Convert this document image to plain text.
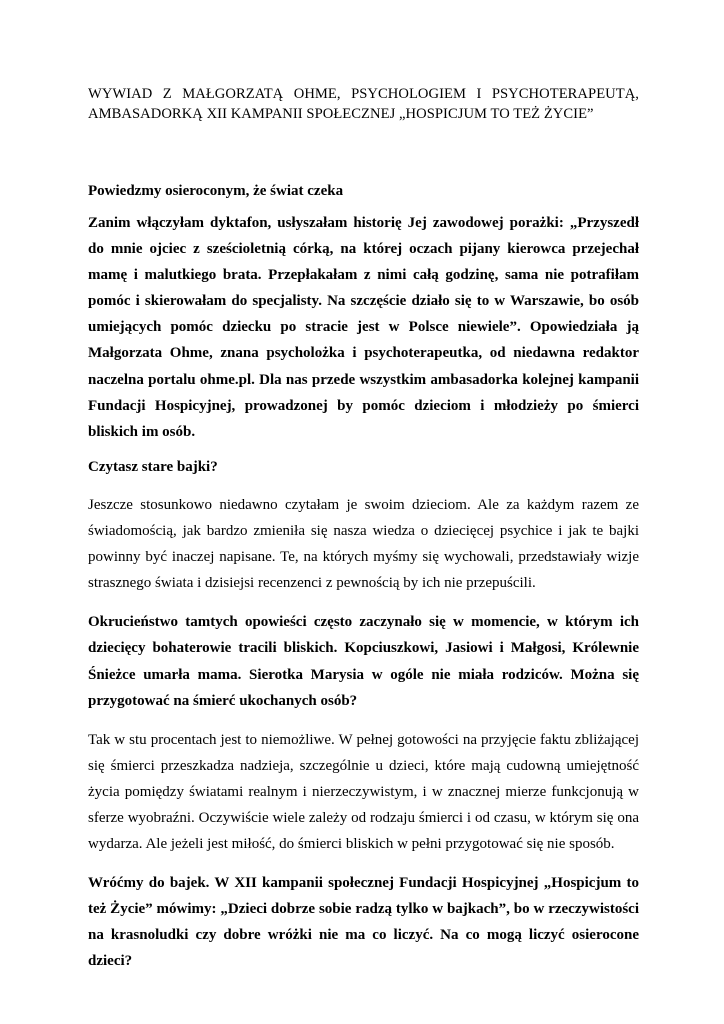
WYWIAD Z MAŁGORZATĄ OHME, PSYCHOLOGIEM I PSYCHOTERAPEUTĄ, AMBASADORKĄ XII KAMPANII SPOŁECZNEJ „HOSPICJUM TO TEŻ ŻYCIE”

Powiedzmy osieroconym, że świat czeka

Zanim włączyłam dyktafon, usłyszałam historię Jej zawodowej porażki: „Przyszedł do mnie ojciec z sześcioletnią córką, na której oczach pijany kierowca przejechał mamę i malutkiego brata. Przepłakałam z nimi całą godzinę, sama nie potrafiłam pomóc i skierowałam do specjalisty. Na szczęście działo się to w Warszawie, bo osób umiejących pomóc dziecku po stracie jest w Polsce niewiele”. Opowiedziała ją Małgorzata Ohme, znana psycholożka i psychoterapeutka, od niedawna redaktor naczelna portalu ohme.pl. Dla nas przede wszystkim ambasadorka kolejnej kampanii Fundacji Hospicyjnej, prowadzonej by pomóc dzieciom i młodzieży po śmierci bliskich im osób.

Czytasz stare bajki?

Jeszcze stosunkowo niedawno czytałam je swoim dzieciom. Ale za każdym razem ze świadomością, jak bardzo zmieniła się nasza wiedza o dziecięcej psychice i jak te bajki powinny być inaczej napisane. Te, na których myśmy się wychowali, przedstawiały wizje strasznego świata i dzisiejsi recenzenci z pewnością by ich nie przepuścili.

Okrucieństwo tamtych opowieści często zaczynało się w momencie, w którym ich dziecięcy bohaterowie tracili bliskich. Kopciuszkowi, Jasiowi i Małgosi, Królewnie Śnieżce umarła mama. Sierotka Marysia w ogóle nie miała rodziców. Można się przygotować na śmierć ukochanych osób?

Tak w stu procentach jest to niemożliwe. W pełnej gotowości na przyjęcie faktu zbliżającej się śmierci przeszkadza nadzieja, szczególnie u dzieci, które mają cudowną umiejętność życia pomiędzy światami realnym i nierzeczywistym, i w znacznej mierze funkcjonują w sferze wyobraźni. Oczywiście wiele zależy od rodzaju śmierci i od czasu, w którym się ona wydarza. Ale jeżeli jest miłość, do śmierci bliskich w pełni przygotować się nie sposób.

Wróćmy do bajek. W XII kampanii społecznej Fundacji Hospicyjnej „Hospicjum to też Życie” mówimy: „Dzieci dobrze sobie radzą tylko w bajkach”, bo w rzeczywistości na krasnoludki czy dobre wróżki nie ma co liczyć. Na co mogą liczyć osierocone dzieci?
